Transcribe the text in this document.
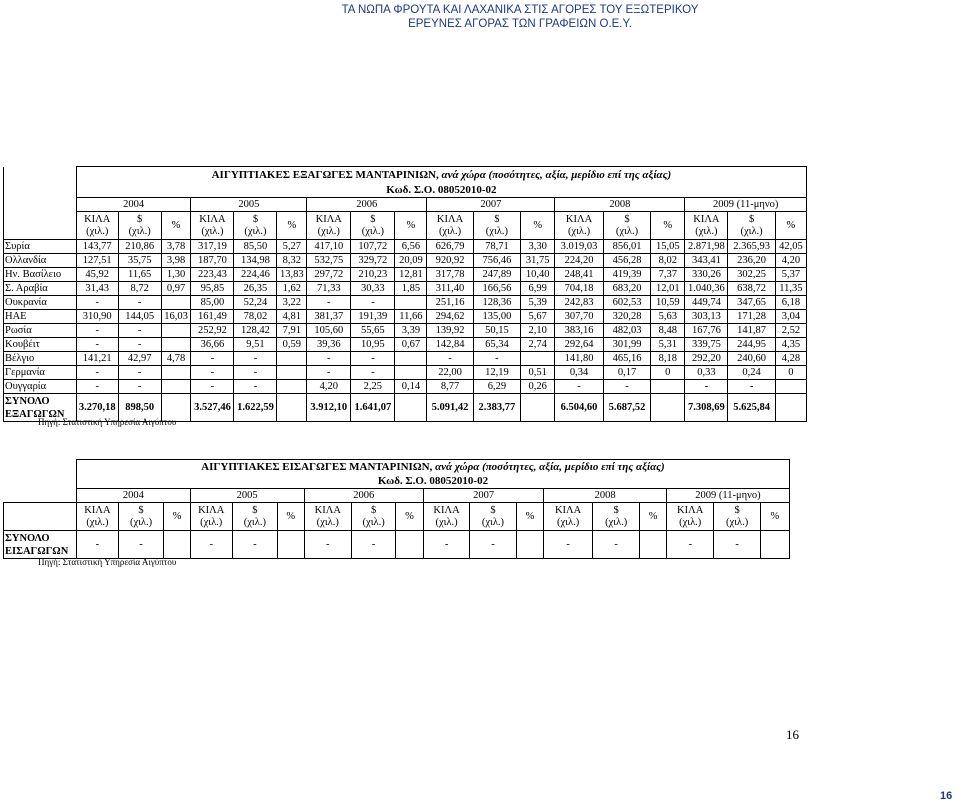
ΤΑ ΝΩΠΑ ΦΡΟΥΤΑ ΚΑΙ ΛΑΧΑΝΙΚΑ ΣΤΙΣ ΑΓΟΡΕΣ ΤΟΥ ΕΞΩΤΕΡΙΚΟΥ
ΕΡΕΥΝΕΣ ΑΓΟΡΑΣ ΤΩΝ ΓΡΑΦΕΙΩΝ Ο.Ε.Υ.
	ΑΙΓΥΠΤΙΑΚΕΣ ΕΞΑΓΩΓΕΣ ΜΑΝΤΑΡΙΝΙΩΝ, ανά χώρα (ποσότητες, αξία, μερίδιο επί της αξίας)																	
	Κωδ. Σ.Ο. 08052010-02																	
	2004			2005			2006			2007			2008			2009 (11-μηνο)		
	ΚΙΛΑ
(χιλ.)	$
(χιλ.)	%	ΚΙΛΑ
(χιλ.)	$
(χιλ.)	%	ΚΙΛΑ
(χιλ.)	$
(χιλ.)	%	ΚΙΛΑ
(χιλ.)	$
(χιλ.)	%	ΚΙΛΑ
(χιλ.)	$
(χιλ.)	%	ΚΙΛΑ
(χιλ.)	$
(χιλ.)	%
Συρία	143,77	210,86	3,78	317,19	85,50	5,27	417,10	107,72	6,56	626,79	78,71	3,30	3.019,03	856,01	15,05	2.871,98	2.365,93	42,05
Ολλανδία	127,51	35,75	3,98	187,70	134,98	8,32	532,75	329,72	20,09	920,92	756,46	31,75	224,20	456,28	8,02	343,41	236,20	4,20
Ην. Βασίλειο	45,92	11,65	1,30	223,43	224,46	13,83	297,72	210,23	12,81	317,78	247,89	10,40	248,41	419,39	7,37	330,26	302,25	5,37
Σ. Αραβία	31,43	8,72	0,97	95,85	26,35	1,62	71,33	30,33	1,85	311,40	166,56	6,99	704,18	683,20	12,01	1.040,36	638,72	11,35
Ουκρανία	-	-		85,00	52,24	3,22	-	-		251,16	128,36	5,39	242,83	602,53	10,59	449,74	347,65	6,18
ΗΑΕ	310,90	144,05	16,03	161,49	78,02	4,81	381,37	191,39	11,66	294,62	135,00	5,67	307,70	320,28	5,63	303,13	171,28	3,04
Ρωσία	-	-		252,92	128,42	7,91	105,60	55,65	3,39	139,92	50,15	2,10	383,16	482,03	8,48	167,76	141,87	2,52
Κουβέιτ	-	-		36,66	9,51	0,59	39,36	10,95	0,67	142,84	65,34	2,74	292,64	301,99	5,31	339,75	244,95	4,35
Βέλγιο	141,21	42,97	4,78	-	-		-	-		-	-		141,80	465,16	8,18	292,20	240,60	4,28
Γερμανία	-	-		-	-		-	-		22,00	12,19	0,51	0,34	0,17	0	0,33	0,24	0
Ουγγαρία	-	-		-	-		4,20	2,25	0,14	8,77	6,29	0,26	-	-		-	-	
ΣΥΝΟΛΟ
ΕΞΑΓΩΓΩΝ	3.270,18	898,50		3.527,46	1.622,59		3.912,10	1.641,07		5.091,42	2.383,77		6.504,60	5.687,52		7.308,69	5.625,84	
Πηγή: Στατιστική Υπηρεσία Αιγύπτου
	ΑΙΓΥΠΤΙΑΚΕΣ ΕΙΣΑΓΩΓΕΣ ΜΑΝΤΑΡΙΝΙΩΝ, ανά χώρα (ποσότητες, αξία, μερίδιο επί της αξίας)																	
	Κωδ. Σ.Ο. 08052010-02																	
	2004			2005			2006			2007			2008			2009 (11-μηνο)		
	ΚΙΛΑ
(χιλ.)	$
(χιλ.)	%	ΚΙΛΑ
(χιλ.)	$
(χιλ.)	%	ΚΙΛΑ
(χιλ.)	$
(χιλ.)	%	ΚΙΛΑ
(χιλ.)	$
(χιλ.)	%	ΚΙΛΑ
(χιλ.)	$
(χιλ.)	%	ΚΙΛΑ
(χιλ.)	$
(χιλ.)	%
ΣΥΝΟΛΟ
ΕΙΣΑΓΩΓΩΝ	-	-		-	-		-	-		-	-		-	-		-	-	
Πηγή: Στατιστική Υπηρεσία Αιγύπτου
16
16
